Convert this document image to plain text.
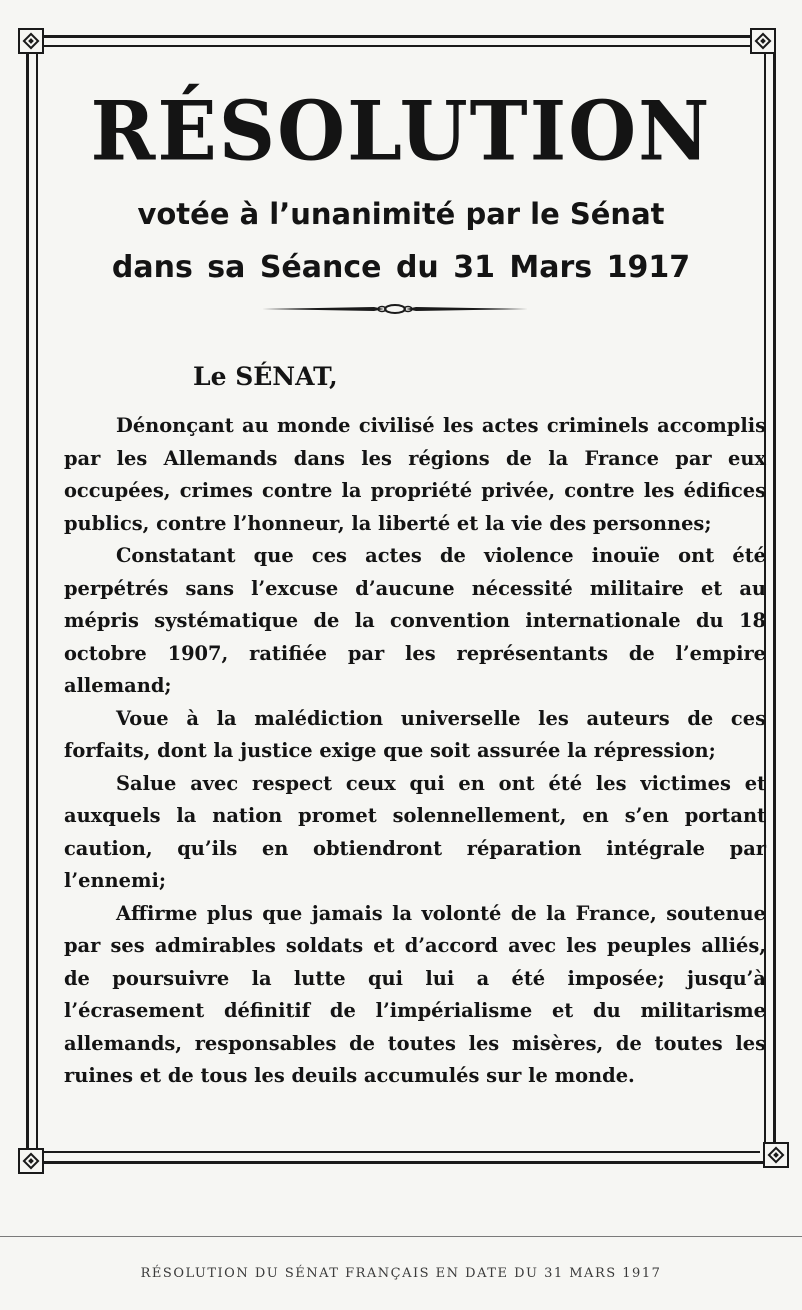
RÉSOLUTION
votée à l’unanimité par le Sénat
dans sa Séance du 31 Mars 1917
Le SÉNAT,

Dénonçant au monde civilisé les actes criminels accomplis par les Allemands dans les régions de la France par eux occupées, crimes contre la propriété privée, contre les édifices publics, contre l’honneur, la liberté et la vie des personnes;

Constatant que ces actes de violence inouïe ont été perpétrés sans l’excuse d’aucune nécessité militaire et au mépris systématique de la convention internationale du 18 octobre 1907, ratifiée par les représentants de l’empire allemand;

Voue à la malédiction universelle les auteurs de ces forfaits, dont la justice exige que soit assurée la répression;

Salue avec respect ceux qui en ont été les victimes et auxquels la nation promet solennellement, en s’en portant caution, qu’ils en obtiendront réparation intégrale par l’ennemi;

Affirme plus que jamais la volonté de la France, soutenue par ses admirables soldats et d’accord avec les peuples alliés, de poursuivre la lutte qui lui a été imposée; jusqu’à l’écrasement définitif de l’impérialisme et du militarisme allemands, responsables de toutes les misères, de toutes les ruines et de tous les deuils accumulés sur le monde.

RÉSOLUTION DU SÉNAT FRANÇAIS EN DATE DU 31 MARS 1917
